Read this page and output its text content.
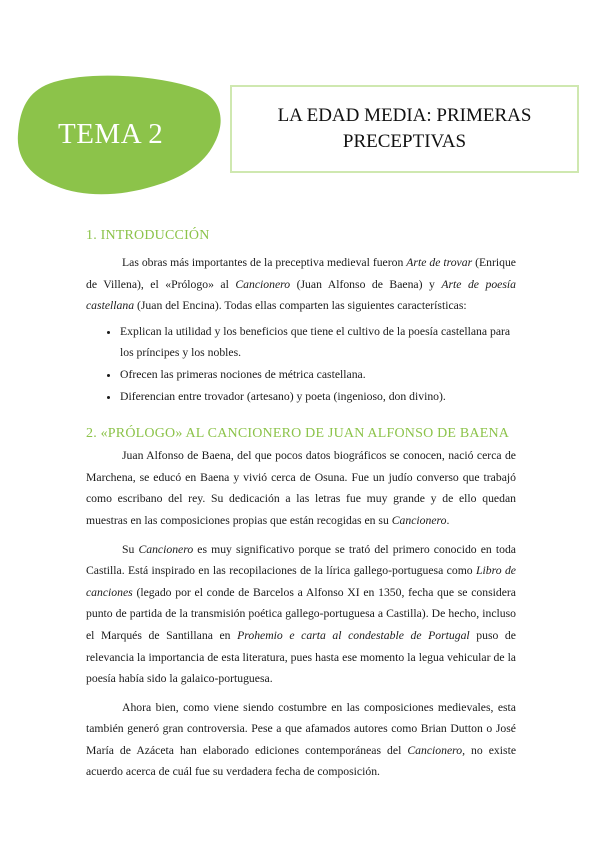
TEMA 2
LA EDAD MEDIA: PRIMERAS
PRECEPTIVAS
1. INTRODUCCIÓN

Las obras más importantes de la preceptiva medieval fueron Arte de trovar (Enrique de Villena), el «Prólogo» al Cancionero (Juan Alfonso de Baena) y Arte de poesía castellana (Juan del Encina). Todas ellas comparten las siguientes características:

• Explican la utilidad y los beneficios que tiene el cultivo de la poesía castellana para los príncipes y los nobles.
• Ofrecen las primeras nociones de métrica castellana.
• Diferencian entre trovador (artesano) y poeta (ingenioso, don divino).
2. «PRÓLOGO» AL CANCIONERO DE JUAN ALFONSO DE BAENA

Juan Alfonso de Baena, del que pocos datos biográficos se conocen, nació cerca de Marchena, se educó en Baena y vivió cerca de Osuna. Fue un judío converso que trabajó como escribano del rey. Su dedicación a las letras fue muy grande y de ello quedan muestras en las composiciones propias que están recogidas en su Cancionero.

Su Cancionero es muy significativo porque se trató del primero conocido en toda Castilla. Está inspirado en las recopilaciones de la lírica gallego-portuguesa como Libro de canciones (legado por el conde de Barcelos a Alfonso XI en 1350, fecha que se considera punto de partida de la transmisión poética gallego-portuguesa a Castilla). De hecho, incluso el Marqués de Santillana en Prohemio e carta al condestable de Portugal puso de relevancia la importancia de esta literatura, pues hasta ese momento la legua vehicular de la poesía había sido la galaico-portuguesa.

Ahora bien, como viene siendo costumbre en las composiciones medievales, esta también generó gran controversia. Pese a que afamados autores como Brian Dutton o José María de Azáceta han elaborado ediciones contemporáneas del Cancionero, no existe acuerdo acerca de cuál fue su verdadera fecha de composición.
